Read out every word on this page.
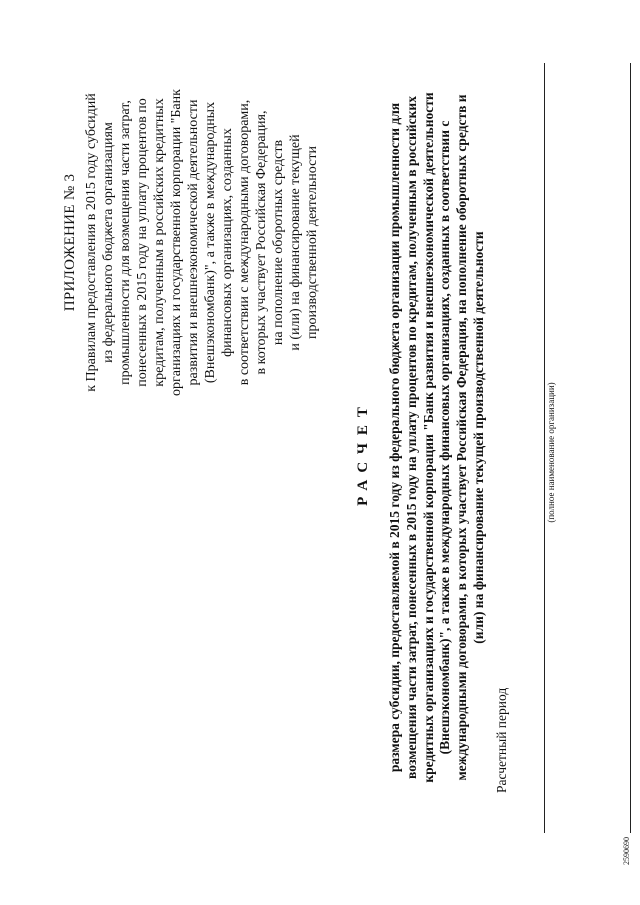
ПРИЛОЖЕНИЕ № 3 к Правилам предоставления в 2015 году субсидий из федерального бюджета организациям промышленности для возмещения части затрат, понесенных в 2015 году на уплату процентов по кредитам, полученным в российских кредитных организациях и государственной корпорации "Банк развития и внешнеэкономической деятельности (Внешэкономбанк)", а также в международных финансовых организациях, созданных в соответствии с международными договорами, в которых участвует Российская Федерация, на пополнение оборотных средств и (или) на финансирование текущей производственной деятельности
РАСЧЕТ размера субсидии, предоставляемой в 2015 году из федерального бюджета организации промышленности для возмещения части затрат, понесенных в 2015 году на уплату процентов по кредитам, полученным в российских кредитных организациях и государственной корпорации "Банк развития и внешнеэкономической деятельности (Внешэкономбанк)", а также в международных финансовых организациях, созданных в соответствии с международными договорами, в которых участвует Российская Федерация, на пополнение оборотных средств и (или) на финансирование текущей производственной деятельности
Расчетный период
(полное наименование организации)
2590690
